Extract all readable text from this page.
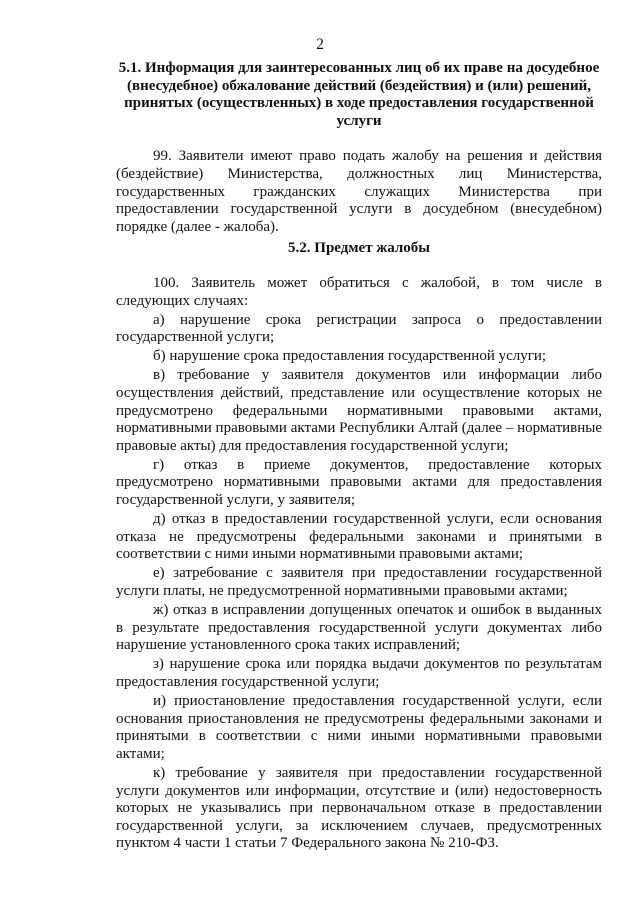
2

5.1. Информация для заинтересованных лиц об их праве на досудебное (внесудебное) обжалование действий (бездействия) и (или) решений, принятых (осуществленных) в ходе предоставления государственной услуги

99. Заявители имеют право подать жалобу на решения и действия (бездействие) Министерства, должностных лиц Министерства, государственных гражданских служащих Министерства при предоставлении государственной услуги в досудебном (внесудебном) порядке (далее - жалоба).

5.2. Предмет жалобы

100. Заявитель может обратиться с жалобой, в том числе в следующих случаях:

а) нарушение срока регистрации запроса о предоставлении государственной услуги;

б) нарушение срока предоставления государственной услуги;

в) требование у заявителя документов или информации либо осуществления действий, представление или осуществление которых не предусмотрено федеральными нормативными правовыми актами, нормативными правовыми актами Республики Алтай (далее – нормативные правовые акты) для предоставления государственной услуги;

г) отказ в приеме документов, предоставление которых предусмотрено нормативными правовыми актами для предоставления государственной услуги, у заявителя;

д) отказ в предоставлении государственной услуги, если основания отказа не предусмотрены федеральными законами и принятыми в соответствии с ними иными нормативными правовыми актами;

е) затребование с заявителя при предоставлении государственной услуги платы, не предусмотренной нормативными правовыми актами;

ж) отказ в исправлении допущенных опечаток и ошибок в выданных в результате предоставления государственной услуги документах либо нарушение установленного срока таких исправлений;

з) нарушение срока или порядка выдачи документов по результатам предоставления государственной услуги;

и) приостановление предоставления государственной услуги, если основания приостановления не предусмотрены федеральными законами и принятыми в соответствии с ними иными нормативными правовыми актами;

к) требование у заявителя при предоставлении государственной услуги документов или информации, отсутствие и (или) недостоверность которых не указывались при первоначальном отказе в предоставлении государственной услуги, за исключением случаев, предусмотренных пунктом 4 части 1 статьи 7 Федерального закона № 210-ФЗ.
